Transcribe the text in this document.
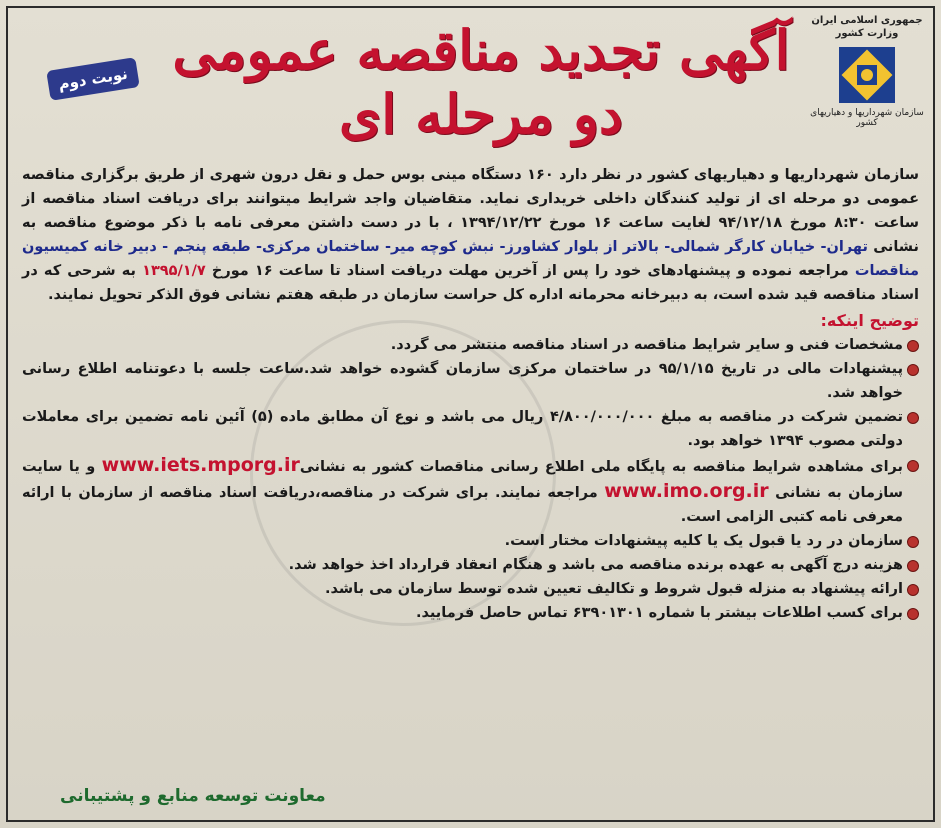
جمهوری اسلامی ایران
وزارت کشور
سازمان شهرداریها و دهیاریهای کشور
آگهی تجدید مناقصه عمومی دو مرحله ای
نوبت دوم

سازمان شهرداریها و دهیاریهای کشور در نظر دارد ۱۶۰ دستگاه مینی بوس حمل و نقل درون شهری از طریق برگزاری مناقصه عمومی دو مرحله ای از تولید کنندگان داخلی خریداری نماید. متقاضیان واجد شرایط میتوانند برای دریافت اسناد مناقصه از ساعت ۸:۳۰ مورخ ۹۴/۱۲/۱۸ لغایت ساعت ۱۶ مورخ ۱۳۹۴/۱۲/۲۲ ، با در دست داشتن معرفی نامه با ذکر موضوع مناقصه به نشانی تهران- خیابان کارگر شمالی- بالاتر از بلوار کشاورز- نبش کوچه میر- ساختمان مرکزی- طبقه پنجم - دبیر خانه کمیسیون مناقصات مراجعه نموده و پیشنهادهای خود را پس از آخرین مهلت دریافت اسناد تا ساعت ۱۶ مورخ ۱۳۹۵/۱/۷ به شرحی که در اسناد مناقصه قید شده است، به دبیرخانه محرمانه اداره کل حراست سازمان در طبقه هفتم نشانی فوق الذکر تحویل نمایند.

توضیح اینکه:
مشخصات فنی و سایر شرایط مناقصه در اسناد مناقصه منتشر می گردد.
پیشنهادات مالی در تاریخ ۹۵/۱/۱۵ در ساختمان مرکزی سازمان گشوده خواهد شد.ساعت جلسه با دعوتنامه اطلاع رسانی خواهد شد.
تضمین شرکت در مناقصه به مبلغ ۴/۸۰۰/۰۰۰/۰۰۰ ریال می باشد و نوع آن مطابق ماده (۵) آئین نامه تضمین برای معاملات دولتی مصوب ۱۳۹۴ خواهد بود.
برای مشاهده شرایط مناقصه به پایگاه ملی اطلاع رسانی مناقصات کشور به نشانیwww.iets.mporg.ir و یا سایت سازمان به نشانی www.imo.org.ir مراجعه نمایند. برای شرکت در مناقصه،دریافت اسناد مناقصه از سازمان با ارائه معرفی نامه کتبی الزامی است.
سازمان در رد یا قبول یک یا کلیه پیشنهادات مختار است.
هزینه درج آگهی به عهده برنده مناقصه می باشد و هنگام انعقاد قرارداد اخذ خواهد شد.
ارائه پیشنهاد به منزله قبول شروط و تکالیف تعیین شده توسط سازمان می باشد.
برای کسب اطلاعات بیشتر با شماره ۶۳۹۰۱۳۰۱ تماس حاصل فرمایید.
معاونت توسعه منابع و پشتیبانی
